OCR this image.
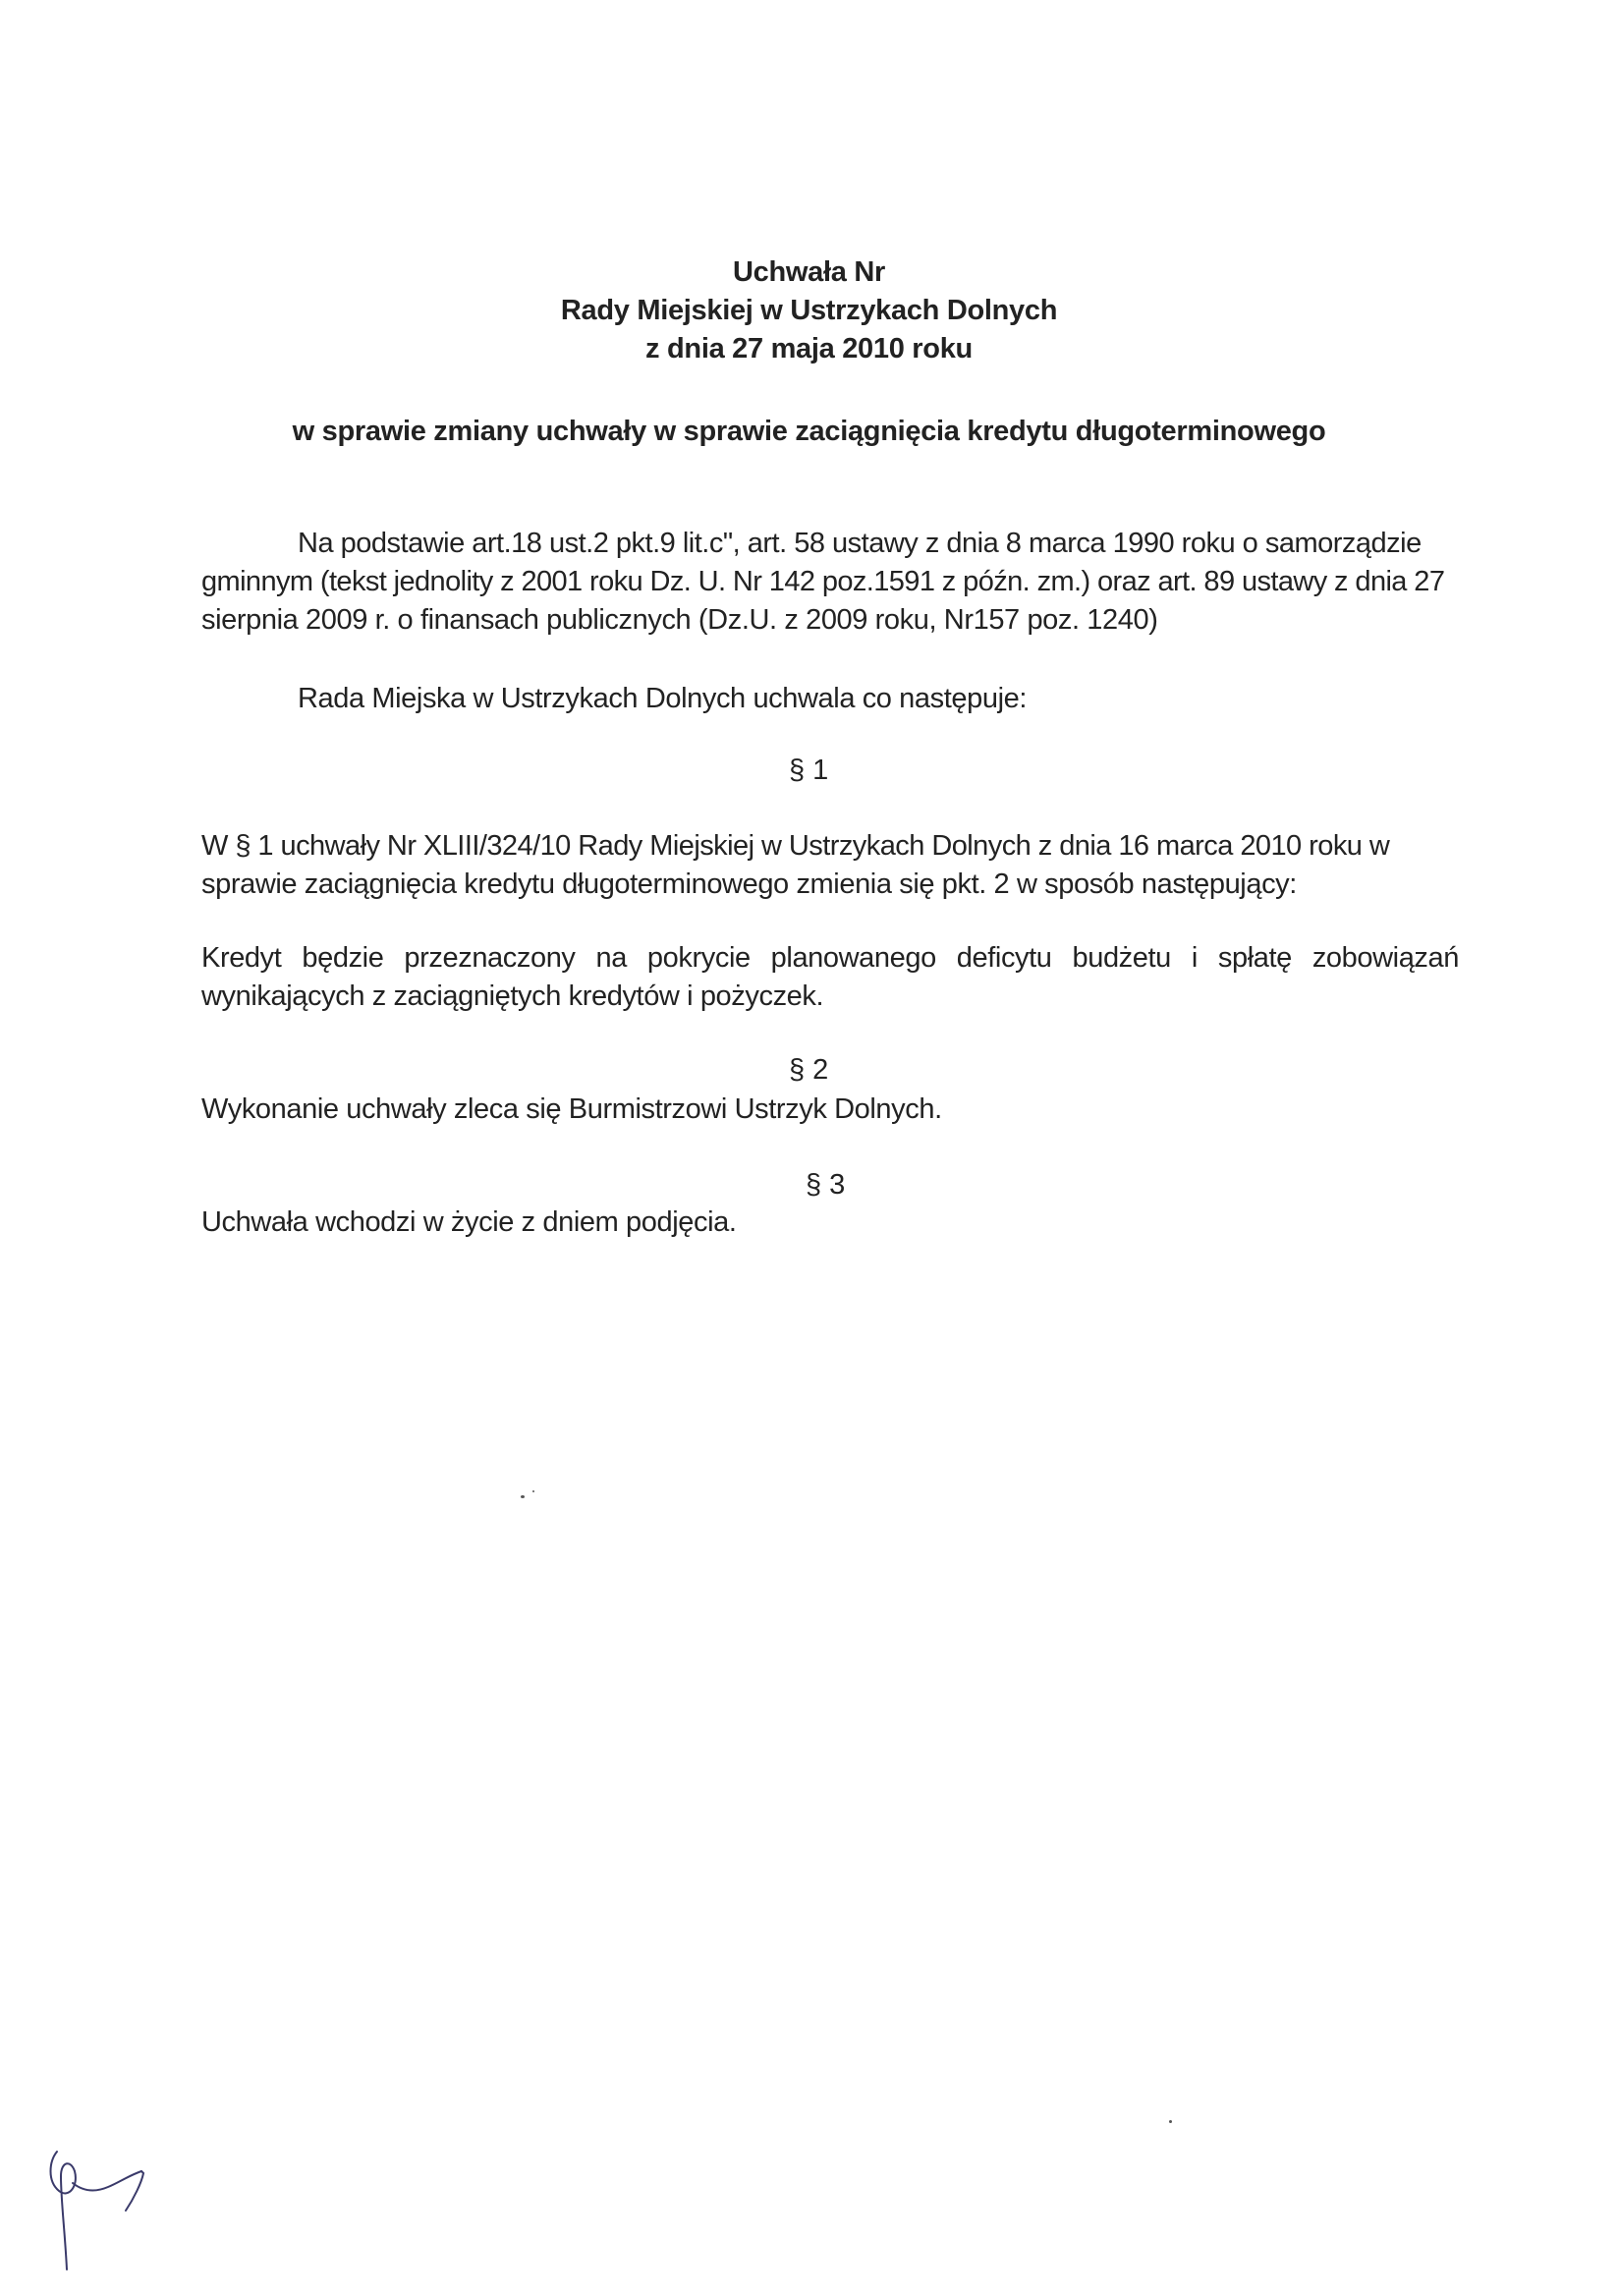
Uchwała Nr
Rady Miejskiej w Ustrzykach Dolnych
z dnia 27 maja 2010 roku
w sprawie zmiany uchwały w sprawie zaciągnięcia kredytu długoterminowego
Na podstawie art.18 ust.2 pkt.9 lit.c", art. 58 ustawy z dnia 8 marca 1990 roku o samorządzie
gminnym (tekst jednolity z 2001 roku Dz. U. Nr 142 poz.1591 z późn. zm.) oraz art. 89 ustawy z dnia 27
sierpnia 2009 r. o finansach publicznych (Dz.U. z 2009 roku, Nr157 poz. 1240)
Rada Miejska w Ustrzykach Dolnych uchwala co następuje:
§ 1
W § 1 uchwały Nr XLIII/324/10 Rady Miejskiej w Ustrzykach Dolnych z dnia 16 marca 2010 roku w
sprawie zaciągnięcia kredytu długoterminowego zmienia się pkt. 2 w sposób następujący:
Kredyt będzie przeznaczony na pokrycie planowanego deficytu budżetu i spłatę zobowiązań
wynikających z zaciągniętych kredytów i pożyczek.
§ 2
Wykonanie uchwały zleca się Burmistrzowi Ustrzyk Dolnych.
§ 3
Uchwała wchodzi w życie z dniem podjęcia.
